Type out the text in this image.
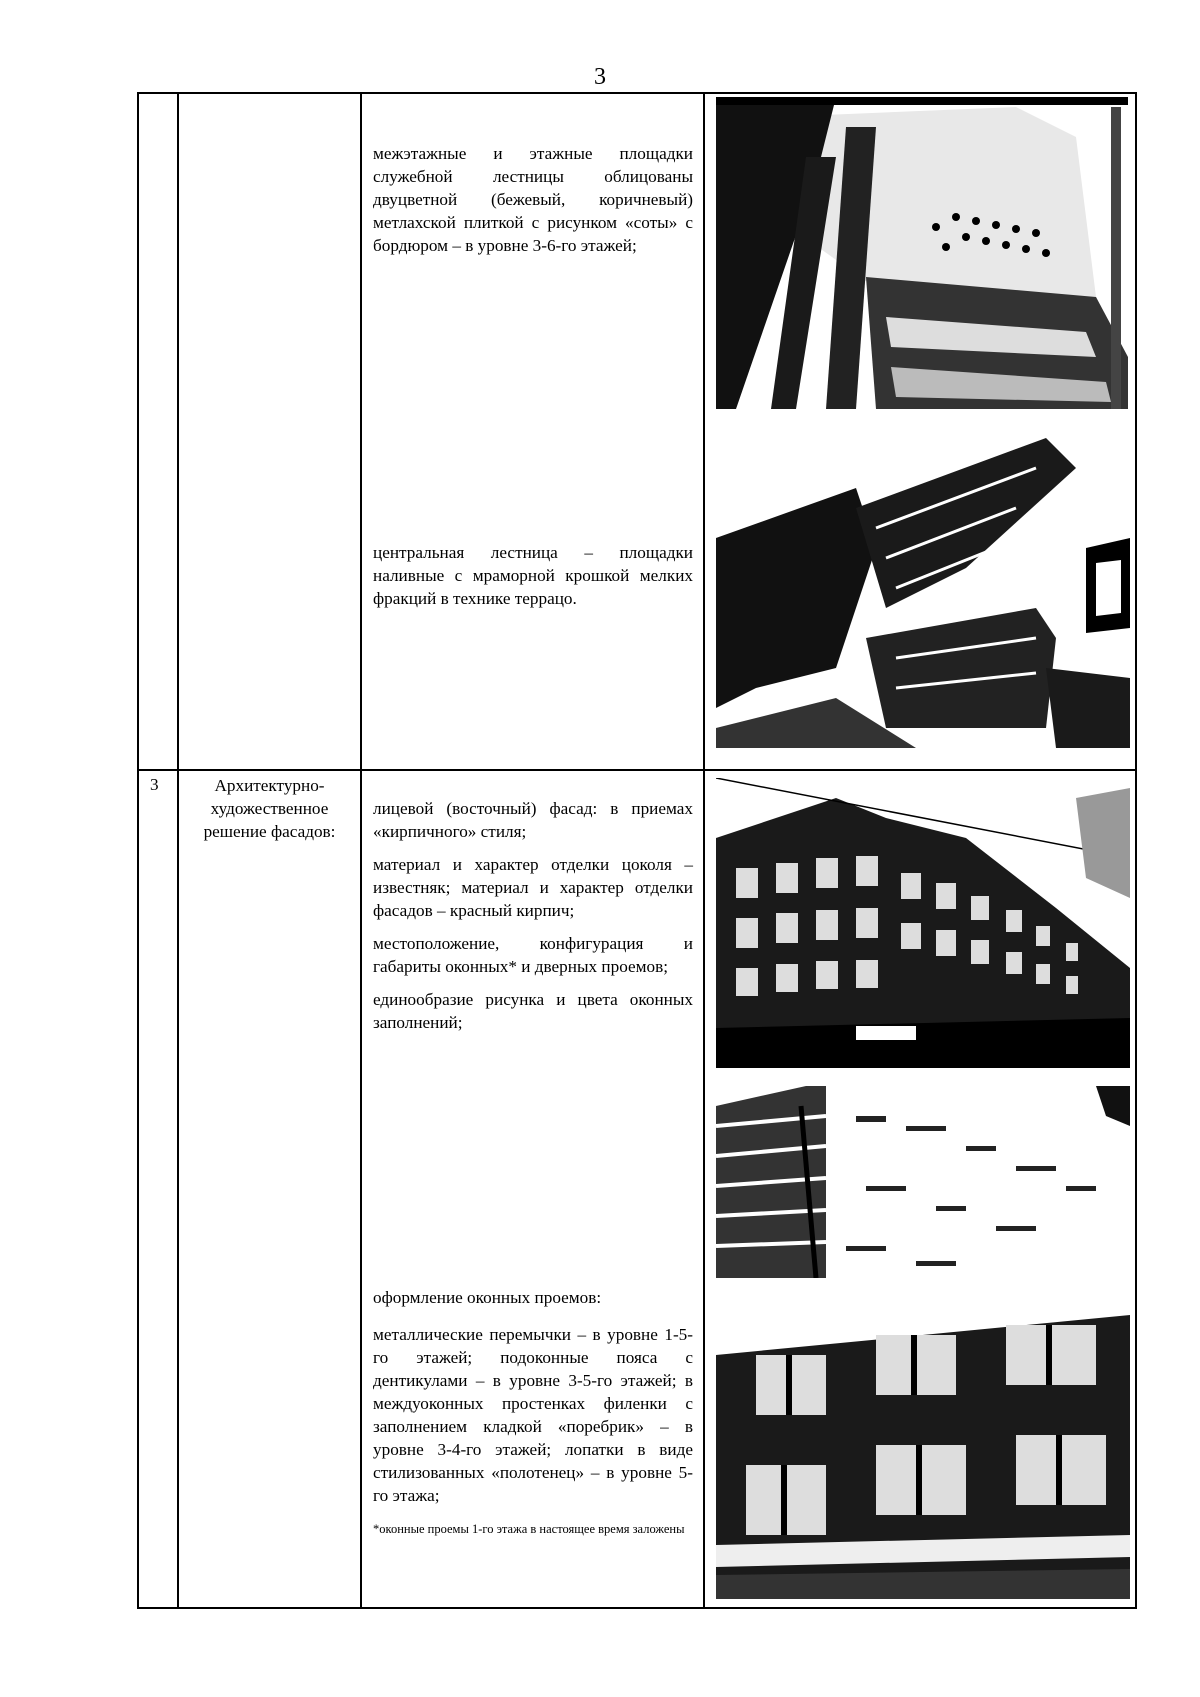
3

межэтажные и этажные площадки служебной лестницы облицованы двуцветной (бежевый, коричневый) метлахской плиткой с рисунком «соты» с бордюром – в уровне 3-6-го этажей;

центральная лестница – площадки наливные с мраморной крошкой мелких фракций в технике террацо.

3	Архитектурно-художественное решение фасадов:

лицевой (восточный) фасад: в приемах «кирпичного» стиля;

материал и характер отделки цоколя – известняк; материал и характер отделки фасадов – красный кирпич;

местоположение, конфигурация и габариты оконных* и дверных проемов;

единообразие рисунка и цвета оконных заполнений;

оформление оконных проемов:

металлические перемычки – в уровне 1-5-го этажей; подоконные пояса с дентикулами – в уровне 3-5-го этажей; в междуоконных простенках филенки с заполнением кладкой «поребрик» – в уровне 3-4-го этажей; лопатки в виде стилизованных «полотенец» – в уровне 5-го этажа;

*оконные проемы 1-го этажа в настоящее время заложены
